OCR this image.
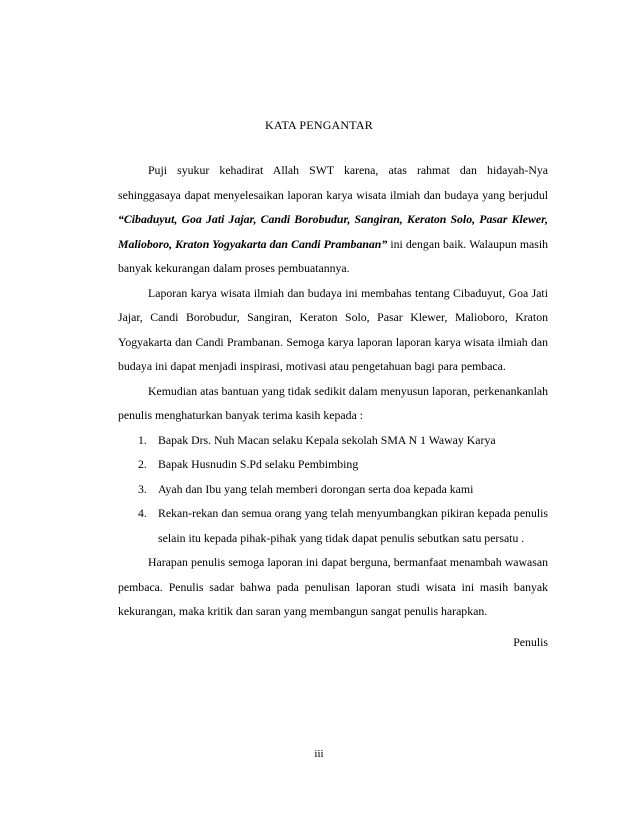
KATA PENGANTAR

Puji syukur kehadirat Allah SWT karena, atas rahmat dan hidayah-Nya sehinggasaya dapat menyelesaikan laporan karya wisata ilmiah dan budaya yang berjudul “Cibaduyut, Goa Jati Jajar, Candi Borobudur, Sangiran, Keraton Solo, Pasar Klewer, Malioboro, Kraton Yogyakarta dan Candi Prambanan” ini dengan baik. Walaupun masih banyak kekurangan dalam proses pembuatannya.

Laporan karya wisata ilmiah dan budaya ini membahas tentang Cibaduyut, Goa Jati Jajar, Candi Borobudur, Sangiran, Keraton Solo, Pasar Klewer, Malioboro, Kraton Yogyakarta dan Candi Prambanan. Semoga karya laporan laporan karya wisata ilmiah dan budaya ini dapat menjadi inspirasi, motivasi atau pengetahuan bagi para pembaca.

Kemudian atas bantuan yang tidak sedikit dalam menyusun laporan, perkenankanlah penulis menghaturkan banyak terima kasih kepada :

1. Bapak Drs. Nuh Macan selaku Kepala sekolah SMA N 1 Waway Karya
2. Bapak Husnudin S.Pd selaku Pembimbing
3. Ayah dan Ibu yang telah memberi dorongan serta doa kepada kami
4. Rekan-rekan dan semua orang yang telah menyumbangkan pikiran kepada penulis selain itu kepada pihak-pihak yang tidak dapat penulis sebutkan satu persatu .

Harapan penulis semoga laporan ini dapat berguna, bermanfaat menambah wawasan pembaca. Penulis sadar bahwa pada penulisan laporan studi wisata ini masih banyak kekurangan, maka kritik dan saran yang membangun sangat penulis harapkan.

Penulis
iii
